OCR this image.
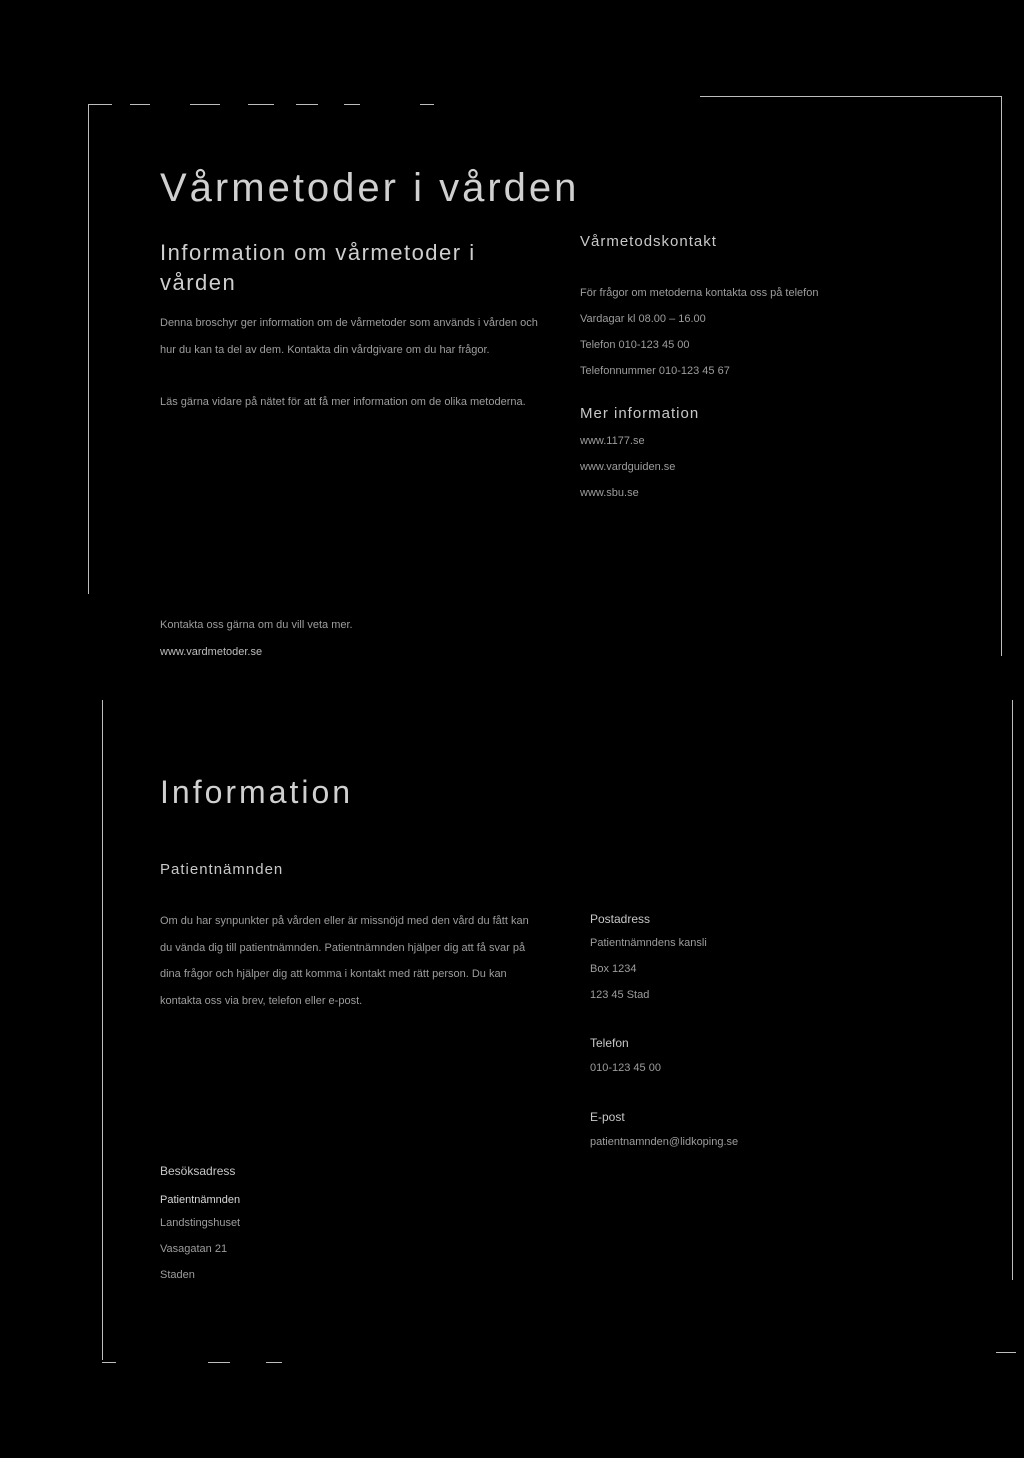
Vårmetoder i vården
Information om vårmetoder i vården

Denna broschyr ger information om de vårmetoder som används i vården och hur du kan ta del av dem. Kontakta din vårdgivare om du har frågor.

Läs gärna vidare på nätet för att få mer information om de olika metoderna.

Kontakta oss gärna om du vill veta mer.

www.vardmetoder.se

Vårmetodskontakt
För frågor om metoderna kontakta oss på telefon
Vardagar kl 08.00 – 16.00
Telefon 010-123 45 00
Telefonnummer 010-123 45 67
Mer information
www.1177.se
www.vardguiden.se
www.sbu.se
Information
Patientnämnden

Om du har synpunkter på vården eller är missnöjd med den vård du fått kan du vända dig till patientnämnden. Patientnämnden hjälper dig att få svar på dina frågor och hjälper dig att komma i kontakt med rätt person. Du kan kontakta oss via brev, telefon eller e-post.

Besöksadress
Patientnämnden
Landstingshuset
Vasagatan 21
Staden
Postadress
Patientnämndens kansli
Box 1234
123 45 Stad
Telefon
010-123 45 00
E-post
patientnamnden@lidkoping.se
